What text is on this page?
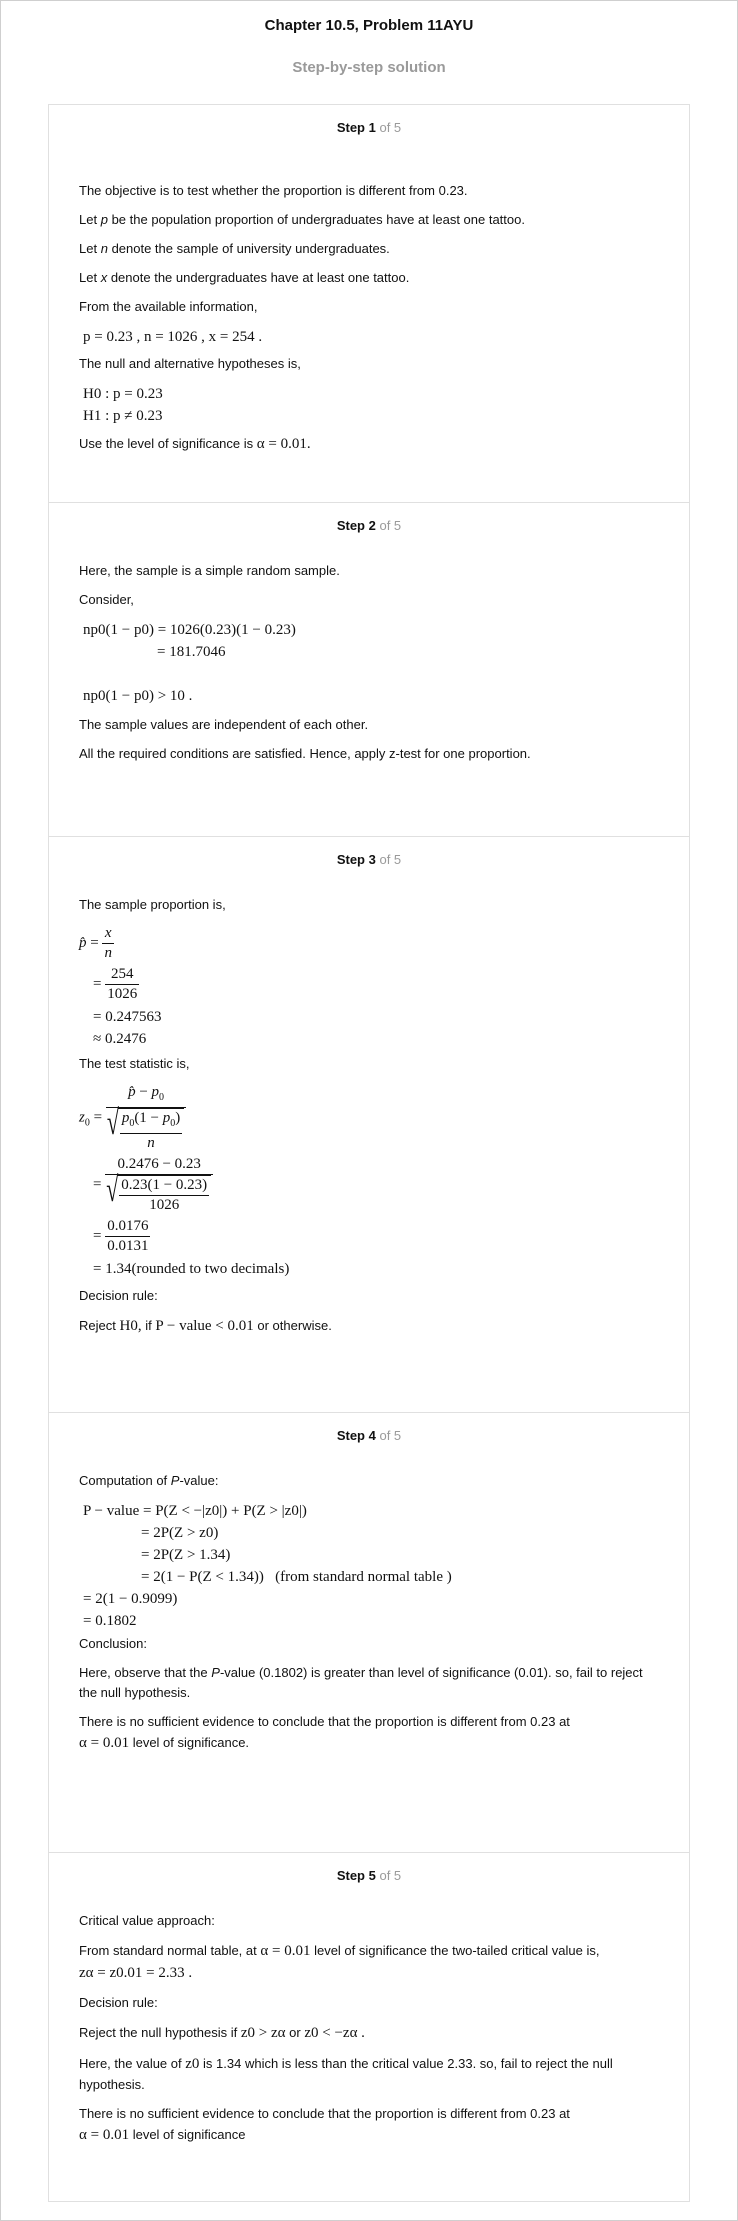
Chapter 10.5, Problem 11AYU
Step-by-step solution
Step 1 of 5
The objective is to test whether the proportion is different from 0.23.
Let p be the population proportion of undergraduates have at least one tattoo.
Let n denote the sample of university undergraduates.
Let x denote the undergraduates have at least one tattoo.
From the available information,
p = 0.23 , n = 1026 , x = 254 .
The null and alternative hypotheses is,
H0 : p = 0.23
H1 : p ≠ 0.23
Use the level of significance is α = 0.01.
Step 2 of 5
Here, the sample is a simple random sample.
Consider,
np0(1 − p0) = 1026(0.23)(1 − 0.23)
= 181.7046
np0(1 − p0) > 10 .
The sample values are independent of each other.
All the required conditions are satisfied. Hence, apply z-test for one proportion.
Step 3 of 5
The sample proportion is,
p̂ = $\frac{x}{n}$
= $\frac{254}{1026}$
= 0.247563
≈ 0.2476
The test statistic is,
$z_0$ = p̂ − $p_0$
√ $\frac{p_0(1 - p_0)}{n}$
= 0.2476 − 0.23
√ $\frac{0.23(1 - 0.23)}{1026}$
= $\frac{0.0176}{0.0131}$
= 1.34(rounded to two decimals)
Decision rule:
Reject H0, if P − value < 0.01 or otherwise.
Step 4 of 5
Computation of P-value:
P − value = P(Z < −|z0|) + P(Z > |z0|)
= 2P(Z > z0)
= 2P(Z > 1.34)
= 2(1 − P(Z < 1.34)) (from standard normal table )
= 2(1 − 0.9099)
= 0.1802
Conclusion:
Here, observe that the P-value (0.1802) is greater than level of significance (0.01). so, fail to reject the null hypothesis.
There is no sufficient evidence to conclude that the proportion is different from 0.23 at
α = 0.01 level of significance.
Step 5 of 5
Critical value approach:
From standard normal table, at α = 0.01 level of significance the two-tailed critical value is,
zα = z0.01 = 2.33 .
Decision rule:
Reject the null hypothesis if z0 > zα or z0 < −zα .
Here, the value of z0 is 1.34 which is less than the critical value 2.33. so, fail to reject the null hypothesis.
There is no sufficient evidence to conclude that the proportion is different from 0.23 at
α = 0.01 level of significance
